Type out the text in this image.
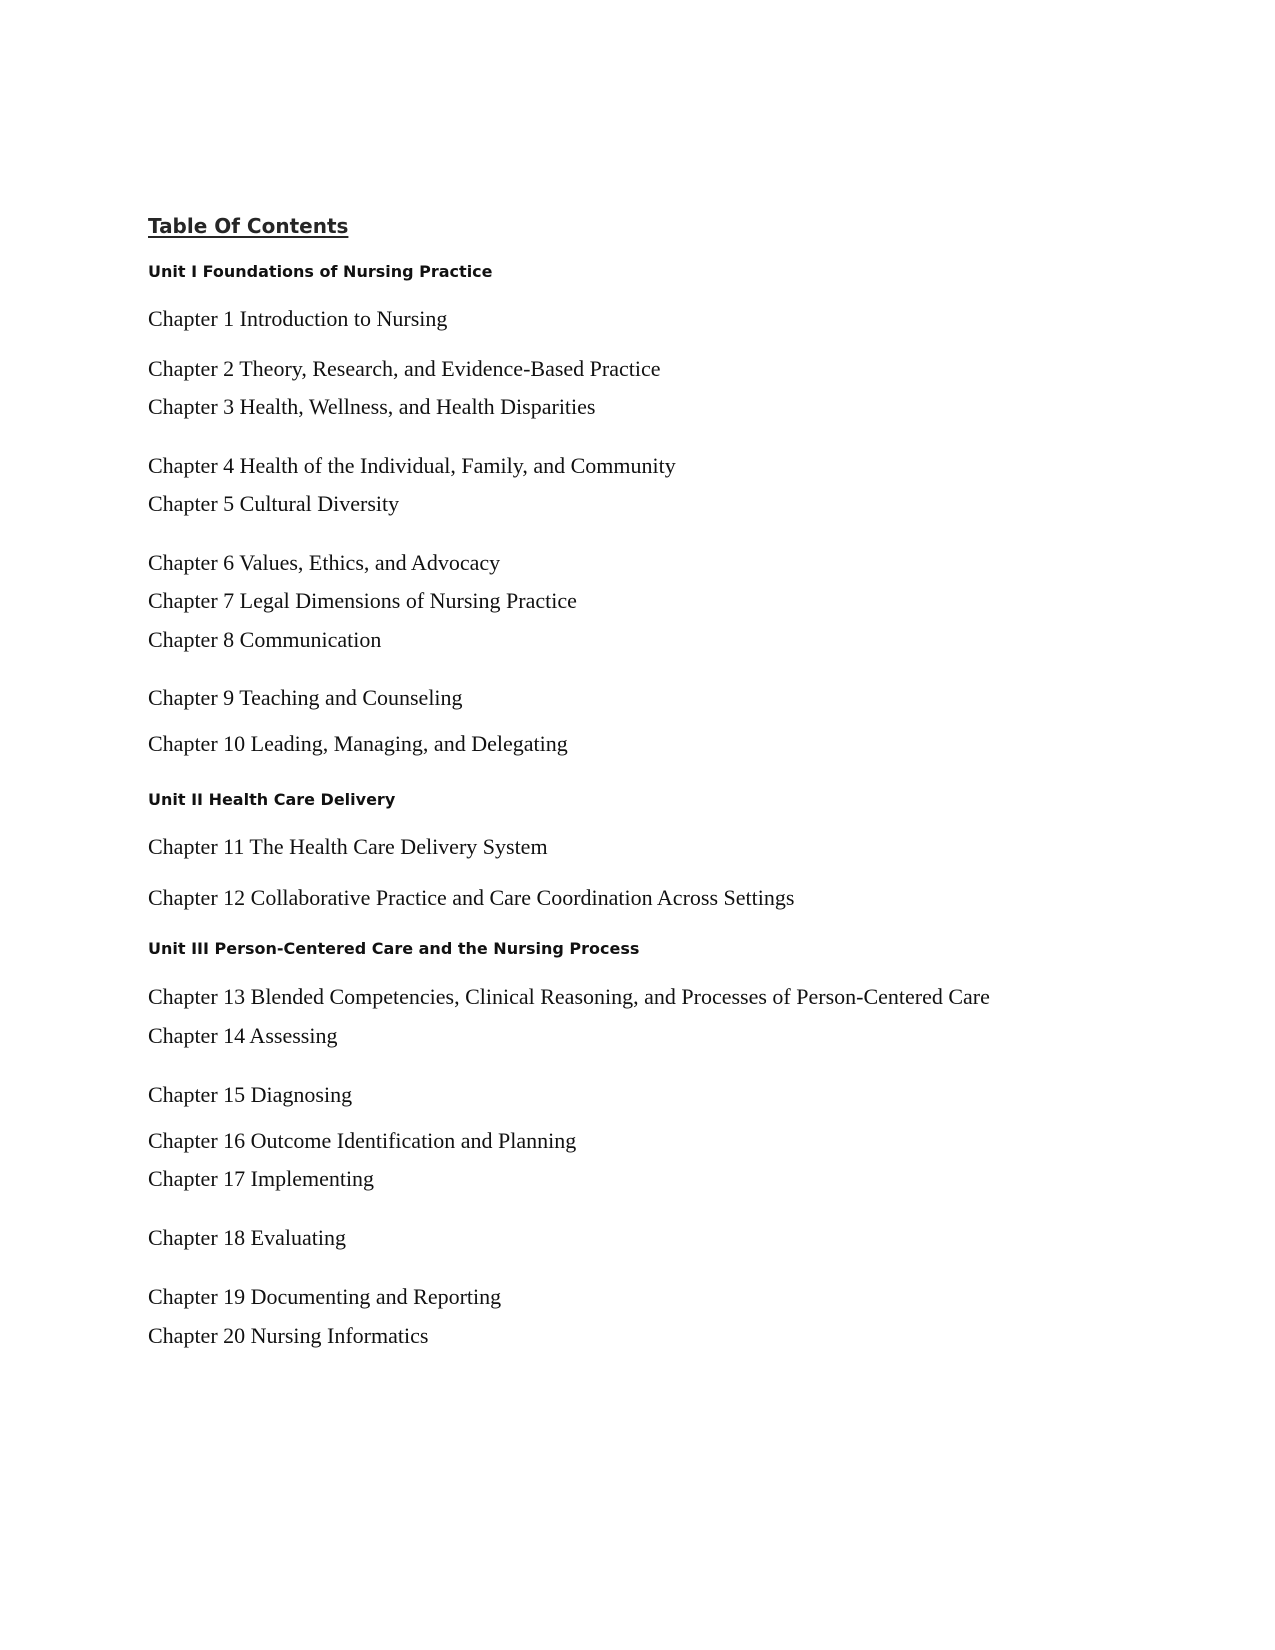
Table Of Contents
Unit I Foundations of Nursing Practice
Chapter 1 Introduction to Nursing
Chapter 2 Theory, Research, and Evidence-Based Practice
Chapter 3 Health, Wellness, and Health Disparities
Chapter 4 Health of the Individual, Family, and Community
Chapter 5 Cultural Diversity
Chapter 6 Values, Ethics, and Advocacy
Chapter 7 Legal Dimensions of Nursing Practice
Chapter 8 Communication
Chapter 9 Teaching and Counseling
Chapter 10 Leading, Managing, and Delegating
Unit II Health Care Delivery
Chapter 11 The Health Care Delivery System
Chapter 12 Collaborative Practice and Care Coordination Across Settings
Unit III Person-Centered Care and the Nursing Process
Chapter 13 Blended Competencies, Clinical Reasoning, and Processes of Person-Centered Care
Chapter 14 Assessing
Chapter 15 Diagnosing
Chapter 16 Outcome Identification and Planning
Chapter 17 Implementing
Chapter 18 Evaluating
Chapter 19 Documenting and Reporting
Chapter 20 Nursing Informatics
